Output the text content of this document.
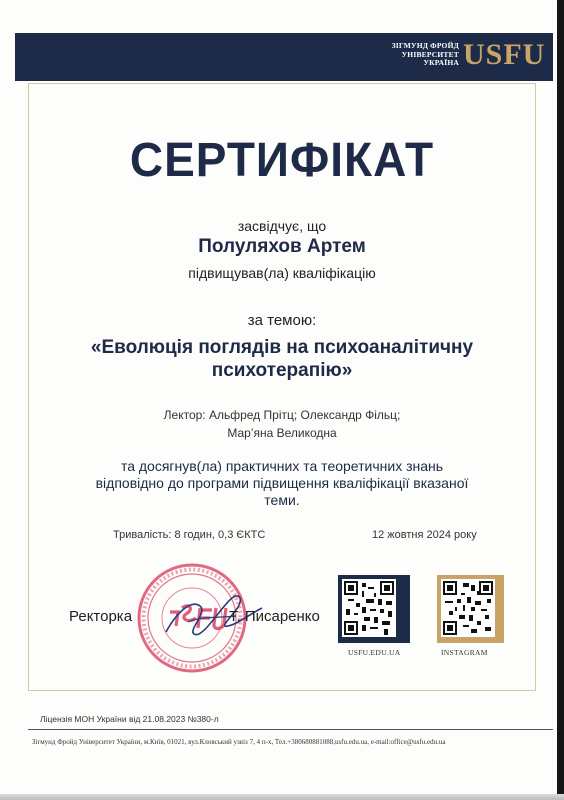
ЗІГМУНД ФРОЙД
УНІВЕРСИТЕТ
УКРАЇНА USFU
СЕРТИФІКАТ
засвідчує, що
Полуляхов Артем
підвищував(ла) кваліфікацію
за темою:
«Еволюція поглядів на психоаналітичну
психотерапію»
Лектор: Альфред Прітц; Олександр Фільц;
Мар’яна Великодна
та досягнув(ла) практичних та теоретичних знань
відповідно до програми підвищення кваліфікації вказаної
теми.
Тривалість: 8 годин, 0,3 ЄКТС	12 жовтня 2024 року
Ректорка	Т. Писаренко
USFU.EDU.UA	INSTAGRAM
Ліцензія МОН України від 21.08.2023 №380-л
Зігмунд Фройд Університет України, м.Київ, 01021, вул.Кловський узвіз 7, 4 п-х, Тел.+380680881088,usfu.edu.ua, e-mail:office@usfu.edu.ua
